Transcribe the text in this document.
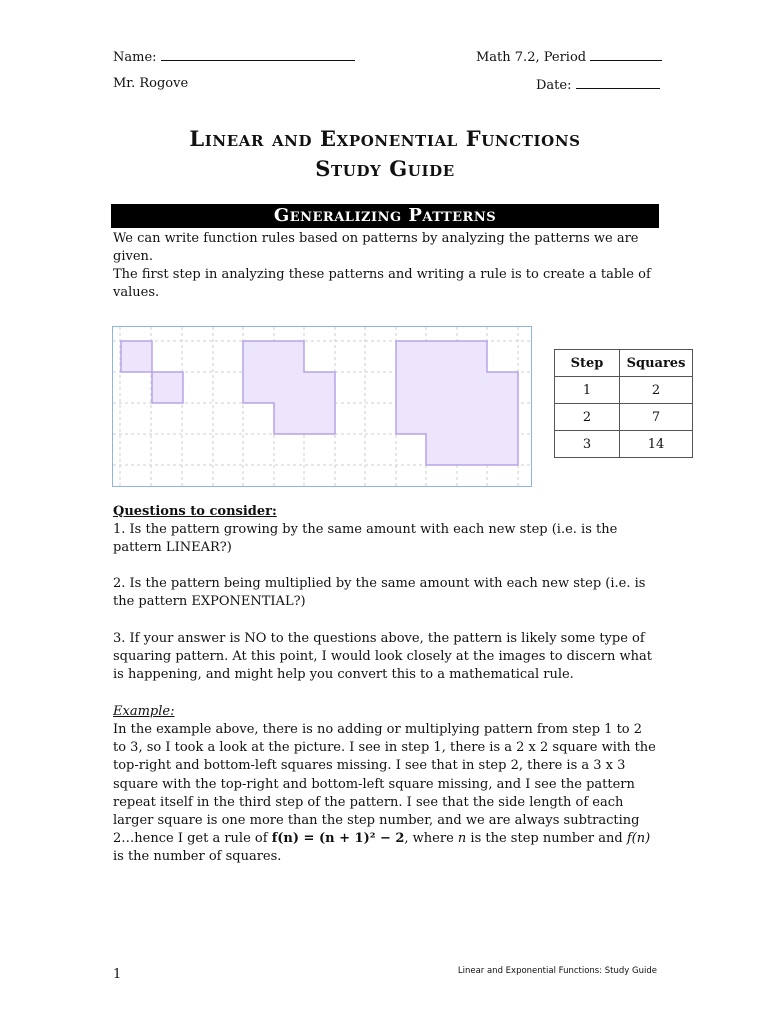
Name:	Math 7.2, Period
Mr. Rogove	Date:
Linear and Exponential Functions
Study Guide
Generalizing Patterns
We can write function rules based on patterns by analyzing the patterns we are given.
The first step in analyzing these patterns and writing a rule is to create a table of values.
Step	Squares
1	2
2	7
3	14
Questions to consider:
1. Is the pattern growing by the same amount with each new step (i.e. is the pattern LINEAR?)
2. Is the pattern being multiplied by the same amount with each new step (i.e. is the pattern EXPONENTIAL?)
3. If your answer is NO to the questions above, the pattern is likely some type of squaring pattern. At this point, I would look closely at the images to discern what is happening, and might help you convert this to a mathematical rule.
Example:
In the example above, there is no adding or multiplying pattern from step 1 to 2 to 3, so I took a look at the picture. I see in step 1, there is a 2 x 2 square with the top-right and bottom-left squares missing. I see that in step 2, there is a 3 x 3 square with the top-right and bottom-left square missing, and I see the pattern repeat itself in the third step of the pattern. I see that the side length of each larger square is one more than the step number, and we are always subtracting 2…hence I get a rule of f(n) = (n + 1)² − 2, where n is the step number and f(n) is the number of squares.
1	Linear and Exponential Functions: Study Guide
